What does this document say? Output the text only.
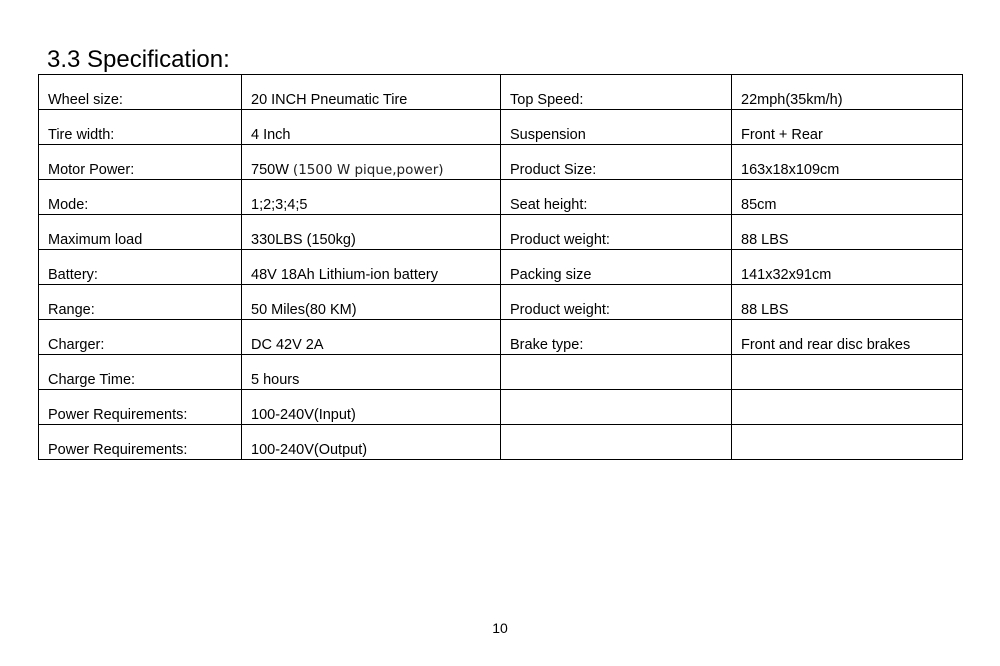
3.3 Specification:
Wheel size:	20 INCH Pneumatic Tire	Top Speed:	22mph(35km/h)
Tire width:	4 Inch	Suspension	Front + Rear
Motor Power:	750W (1500 W pique,power)	Product Size:	163x18x109cm
Mode:	1;2;3;4;5	Seat height:	85cm
Maximum load	330LBS (150kg)	Product weight:	88 LBS
Battery:	48V 18Ah Lithium-ion battery	Packing size	141x32x91cm
Range:	50 Miles(80 KM)	Product weight:	88 LBS
Charger:	DC 42V 2A	Brake type:	Front and rear disc brakes
Charge Time:	5 hours		
Power Requirements:	100-240V(Input)		
Power Requirements:	100-240V(Output)		
10
